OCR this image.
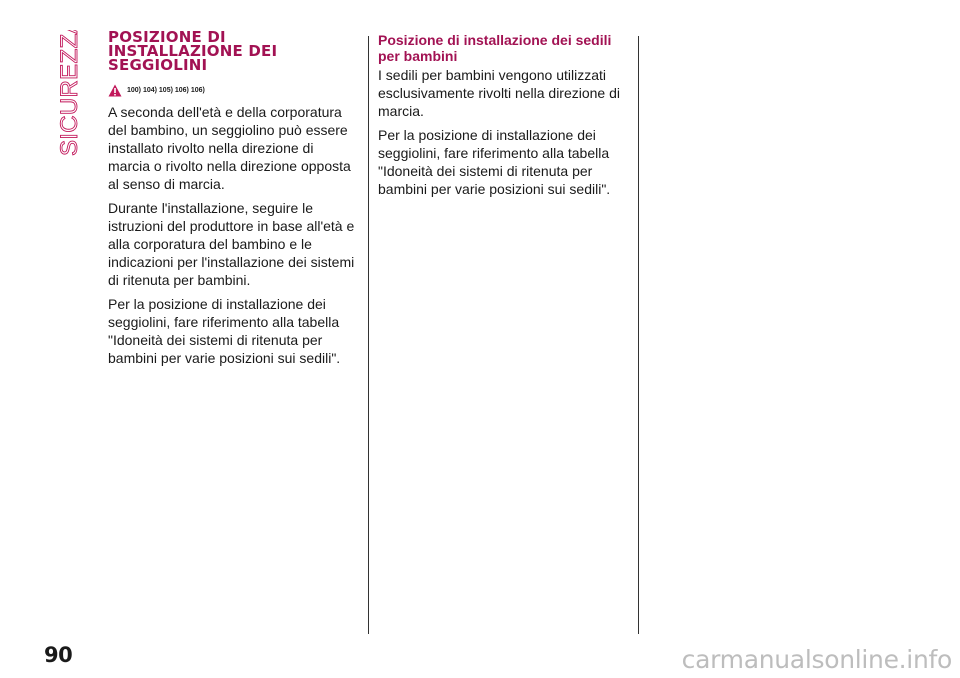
SICUREZZA POSIZIONE DI INSTALLAZIONE DEI SEGGIOLINI
100) 104) 105) 106) 106)

A seconda dell'età e della corporatura del bambino, un seggiolino può essere installato rivolto nella direzione di marcia o rivolto nella direzione opposta al senso di marcia.

Durante l'installazione, seguire le istruzioni del produttore in base all'età e alla corporatura del bambino e le indicazioni per l'installazione dei sistemi di ritenuta per bambini.

Per la posizione di installazione dei seggiolini, fare riferimento alla tabella "Idoneità dei sistemi di ritenuta per bambini per varie posizioni sui sedili".

Posizione di installazione dei sedili per bambini

I sedili per bambini vengono utilizzati esclusivamente rivolti nella direzione di marcia.

Per la posizione di installazione dei seggiolini, fare riferimento alla tabella "Idoneità dei sistemi di ritenuta per bambini per varie posizioni sui sedili".

90	carmanualsonline.info
